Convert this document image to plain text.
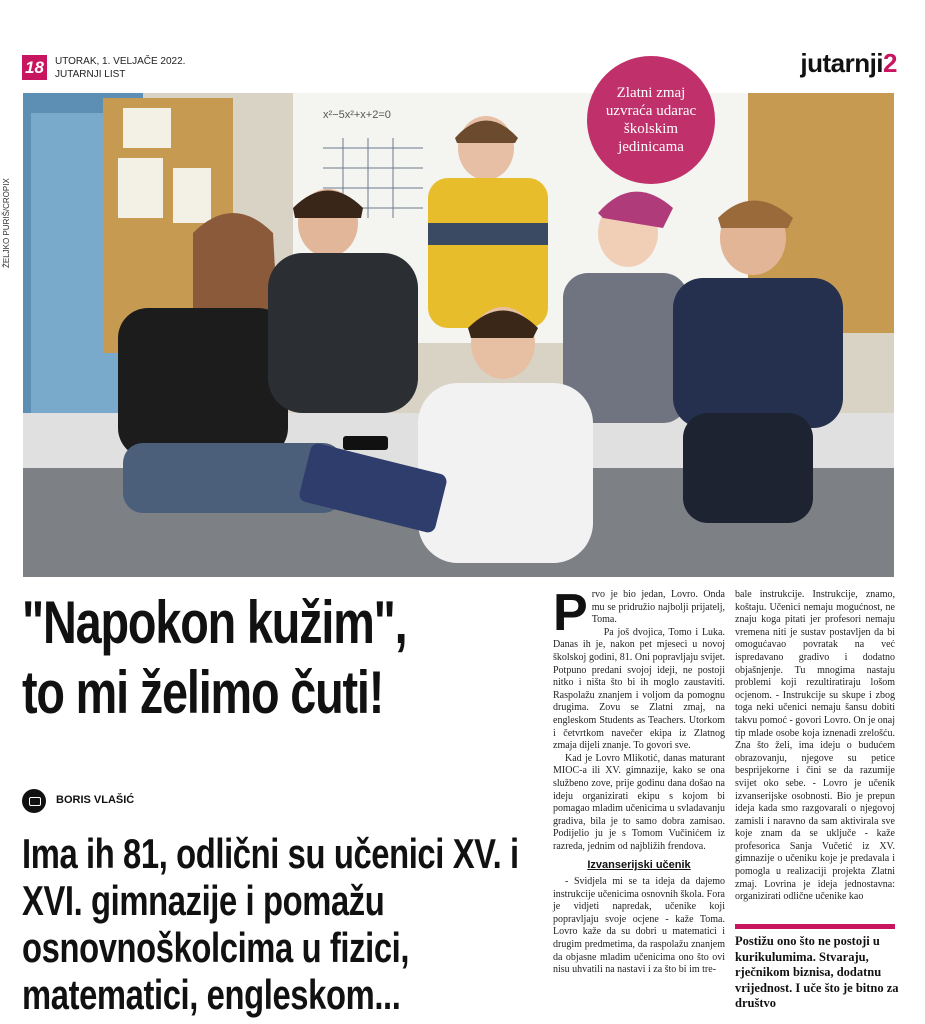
18	UTORAK, 1. VELJAČE 2022.
JUTARNJI LIST	jutarnji2
ŽELJKO PURIŠ/CROPIX
x²−5x²+x+2=0
Zlatni zmaj uzvraća udarac školskim jedinicama
"Napokon kužim",
to mi želimo čuti!
BORIS VLAŠIĆ
Ima ih 81, odlični su učenici XV. i XVI. gimnazije i pomažu osnovnoškolcima u fizici, matematici, engleskom...

Prvo je bio jedan, Lovro. Onda mu se pridružio najbolji prijatelj, Toma.

Pa još dvojica, Tomo i Luka. Danas ih je, nakon pet mjeseci u novoj školskoj godini, 81. Oni popravljaju svijet. Potpuno predani svojoj ideji, ne postoji nitko i ništa što bi ih moglo zaustaviti. Raspolažu znanjem i voljom da pomognu drugima. Zovu se Zlatni zmaj, na engleskom Students as Teachers. Utorkom i četvrtkom navečer ekipa iz Zlatnog zmaja dijeli znanje. To govori sve.

Kad je Lovro Mlikotić, danas maturant MIOC-a ili XV. gimnazije, kako se ona službeno zove, prije godinu dana došao na ideju organizirati ekipu s kojom bi pomagao mladim učenicima u svladavanju gradiva, bila je to samo dobra zamisao. Podijelio ju je s Tomom Vučinićem iz razreda, jednim od najbližih frendova.

Izvanserijski učenik

- Svidjela mi se ta ideja da dajemo instrukcije učenicima osnovnih škola. Fora je vidjeti napredak, učenike koji popravljaju svoje ocjene - kaže Toma. Lovro kaže da su dobri u matematici i drugim predmetima, da raspolažu znanjem da objasne mladim učenicima ono što ovi nisu uhvatili na nastavi i za što bi im tre-

bale instrukcije. Instrukcije, znamo, koštaju. Učenici nemaju mogućnost, ne znaju koga pitati jer profesori nemaju vremena niti je sustav postavljen da bi omogućavao povratak na već ispredavano gradivo i dodatno objašnjenje. Tu mnogima nastaju problemi koji rezultiratiraju lošom ocjenom. - Instrukcije su skupe i zbog toga neki učenici nemaju šansu dobiti takvu pomoć - govori Lovro. On je onaj tip mlade osobe koja iznenadi zrelošću. Zna što želi, ima ideju o budućem obrazovanju, njegove su petice besprijekorne i čini se da razumije svijet oko sebe. - Lovro je učenik izvanserijske osobnosti. Bio je prepun ideja kada smo razgovarali o njegovoj zamisli i naravno da sam aktivirala sve koje znam da se uključe - kaže profesorica Sanja Vučetić iz XV. gimnazije o učeniku koje je predavala i pomogla u realizaciji projekta Zlatni zmaj. Lovrina je ideja jednostavna: organizirati odlične učenike kao

Postižu ono što ne postoji u kurikulumima. Stvaraju, rječnikom biznisa, dodatnu vrijednost. I uče što je bitno za društvo
